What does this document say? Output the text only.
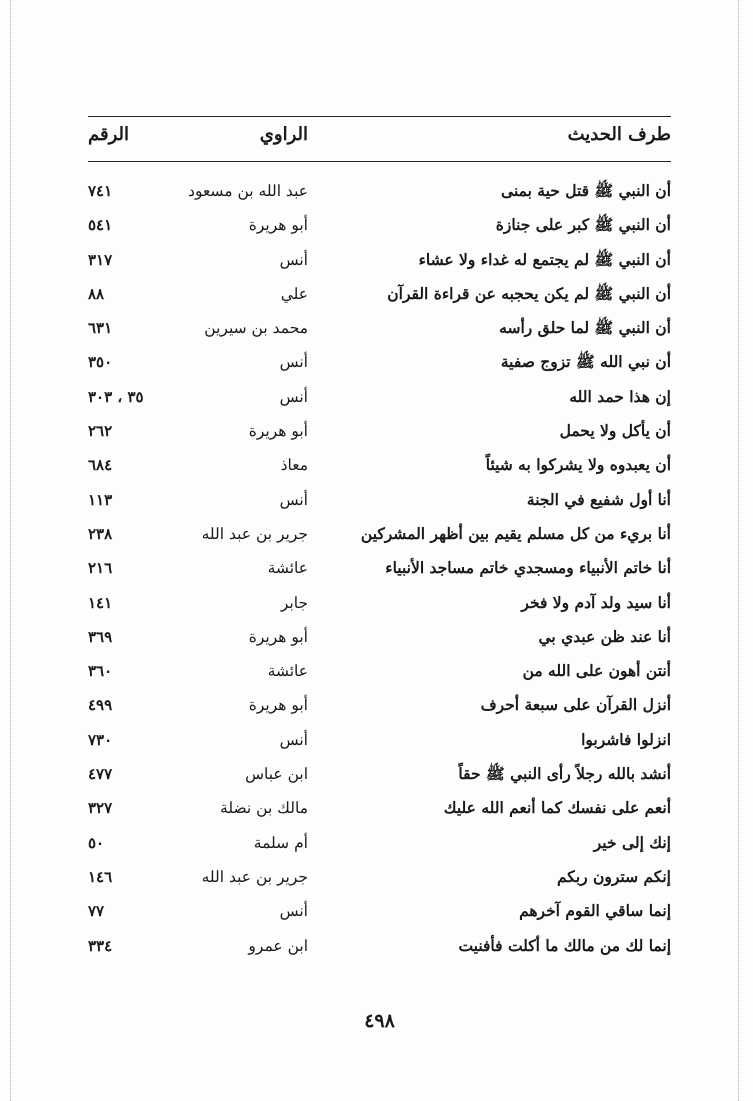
طرف الحديث
الراوي
الرقم
أن النبي ﷺ قتل حية بمنى
عبد الله بن مسعود
٧٤١
أن النبي ﷺ كبر على جنازة
أبو هريرة
٥٤١
أن النبي ﷺ لم يجتمع له غداء ولا عشاء
أنس
٣١٧
أن النبي ﷺ لم يكن يحجبه عن قراءة القرآن
علي
٨٨
أن النبي ﷺ لما حلق رأسه
محمد بن سيرين
٦٣١
أن نبي الله ﷺ تزوج صفية
أنس
٣٥٠
إن هذا حمد الله
أنس
٣٥ ، ٣٠٣
أن يأكل ولا يحمل
أبو هريرة
٢٦٢
أن يعبدوه ولا يشركوا به شيئاً
معاذ
٦٨٤
أنا أول شفيع في الجنة
أنس
١١٣
أنا بريء من كل مسلم يقيم بين أظهر المشركين
جرير بن عبد الله
٢٣٨
أنا خاتم الأنبياء ومسجدي خاتم مساجد الأنبياء
عائشة
٢١٦
أنا سيد ولد آدم ولا فخر
جابر
١٤١
أنا عند ظن عبدي بي
أبو هريرة
٣٦٩
أنتن أهون على الله من
عائشة
٣٦٠
أنزل القرآن على سبعة أحرف
أبو هريرة
٤٩٩
انزلوا فاشربوا
أنس
٧٣٠
أنشد بالله رجلاً رأى النبي ﷺ حقاً
ابن عباس
٤٧٧
أنعم على نفسك كما أنعم الله عليك
مالك بن نضلة
٣٢٧
إنك إلى خير
أم سلمة
٥٠
إنكم سترون ربكم
جرير بن عبد الله
١٤٦
إنما ساقي القوم آخرهم
أنس
٧٧
إنما لك من مالك ما أكلت فأفنيت
ابن عمرو
٣٣٤
٤٩٨
